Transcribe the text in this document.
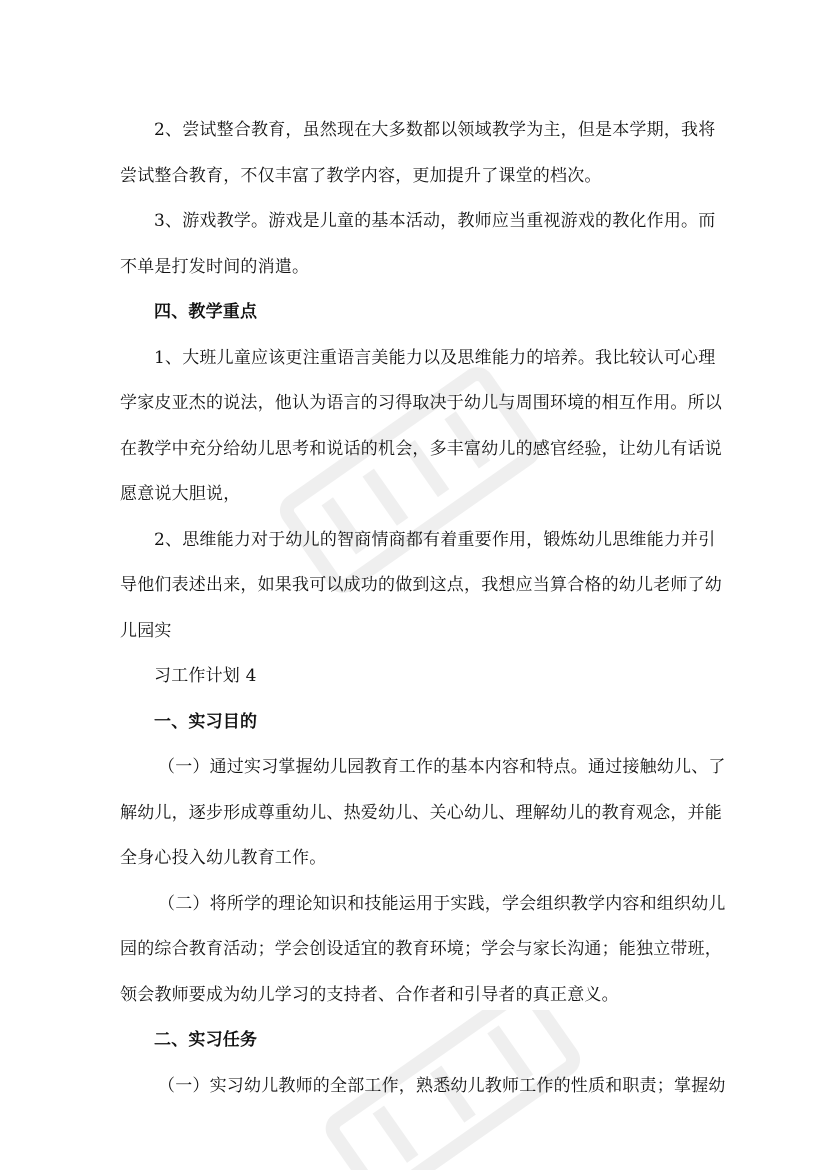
2、尝试整合教育，虽然现在大多数都以领域教学为主，但是本学期，我将
尝试整合教育，不仅丰富了教学内容，更加提升了课堂的档次。

3、游戏教学。游戏是儿童的基本活动，教师应当重视游戏的教化作用。而
不单是打发时间的消遣。

四、教学重点

1、大班儿童应该更注重语言美能力以及思维能力的培养。我比较认可心理
学家皮亚杰的说法，他认为语言的习得取决于幼儿与周围环境的相互作用。所以
在教学中充分给幼儿思考和说话的机会，多丰富幼儿的感官经验，让幼儿有话说
愿意说大胆说，

2、思维能力对于幼儿的智商情商都有着重要作用，锻炼幼儿思维能力并引
导他们表述出来，如果我可以成功的做到这点，我想应当算合格的幼儿老师了幼
儿园实

习工作计划 4

一、实习目的

（一）通过实习掌握幼儿园教育工作的基本内容和特点。通过接触幼儿、了
解幼儿，逐步形成尊重幼儿、热爱幼儿、关心幼儿、理解幼儿的教育观念，并能
全身心投入幼儿教育工作。

（二）将所学的理论知识和技能运用于实践，学会组织教学内容和组织幼儿
园的综合教育活动；学会创设适宜的教育环境；学会与家长沟通；能独立带班，
领会教师要成为幼儿学习的支持者、合作者和引导者的真正意义。

二、实习任务

（一）实习幼儿教师的全部工作，熟悉幼儿教师工作的性质和职责；掌握幼
